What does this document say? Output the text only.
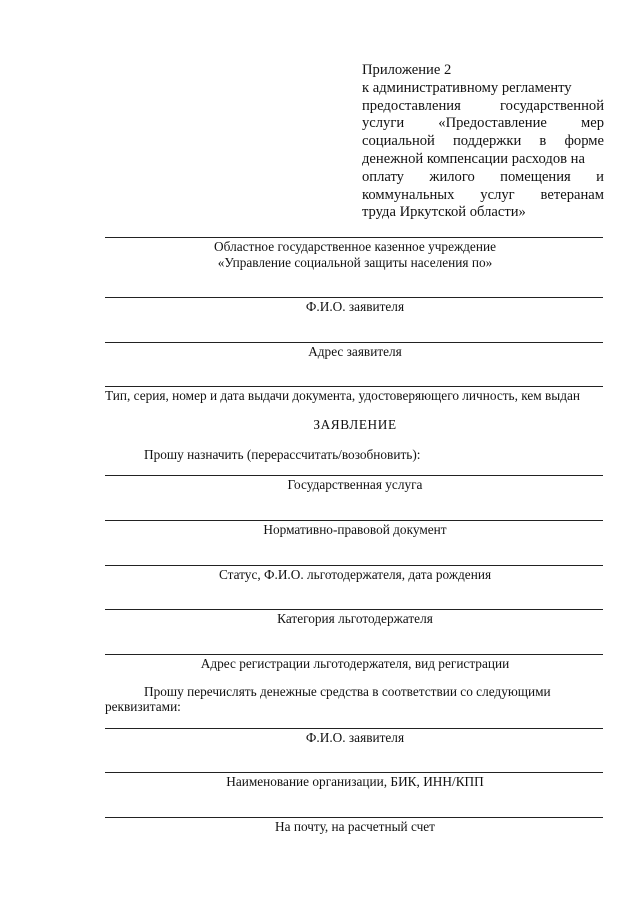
Приложение 2
к административному регламенту
предоставления государственной
услуги «Предоставление мер
социальной поддержки в форме
денежной компенсации расходов на
оплату жилого помещения и
коммунальных услуг ветеранам
труда Иркутской области»
Областное государственное казенное учреждение
«Управление социальной защиты населения по»
Ф.И.О. заявителя
Адрес заявителя
Тип, серия, номер и дата выдачи документа, удостоверяющего личность, кем выдан
ЗАЯВЛЕНИЕ
Прошу назначить (перерассчитать/возобновить):
Государственная услуга
Нормативно-правовой документ
Статус, Ф.И.О. льготодержателя, дата рождения
Категория льготодержателя
Адрес регистрации льготодержателя, вид регистрации
Прошу перечислять денежные средства в соответствии со следующими
реквизитами:
Ф.И.О. заявителя
Наименование организации, БИК, ИНН/КПП
На почту, на расчетный счет
